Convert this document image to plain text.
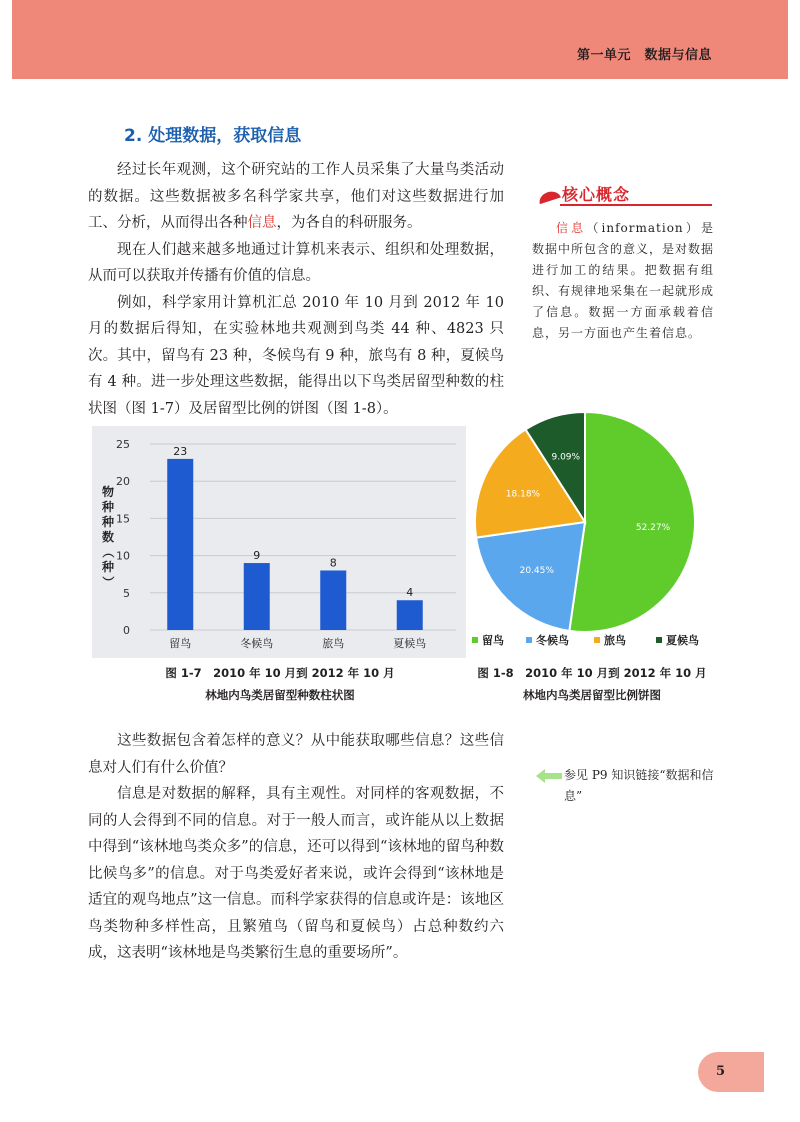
第一单元　数据与信息
2. 处理数据，获取信息

经过长年观测，这个研究站的工作人员采集了大量鸟类活动的数据。这些数据被多名科学家共享，他们对这些数据进行加工、分析，从而得出各种信息，为各自的科研服务。

现在人们越来越多地通过计算机来表示、组织和处理数据，从而可以获取并传播有价值的信息。

例如，科学家用计算机汇总 2010 年 10 月到 2012 年 10 月的数据后得知，在实验林地共观测到鸟类 44 种、4823 只次。其中，留鸟有 23 种，冬候鸟有 9 种，旅鸟有 8 种，夏候鸟有 4 种。进一步处理这些数据，能得出以下鸟类居留型种数的柱状图（图 1-7）及居留型比例的饼图（图 1-8）。

核心概念

信息（information）是数据中所包含的意义，是对数据进行加工的结果。把数据有组织、有规律地采集在一起就形成了信息。数据一方面承载着信息，另一方面也产生着信息。

0
5
10
15
20
25
23
9
8
4
留鸟	冬候鸟	旅鸟	夏候鸟
物
种
种
数
（
种
）
52.27%
20.45%
18.18%
9.09%
留鸟	冬候鸟	旅鸟	夏候鸟
图 1-7　2010 年 10 月到 2012 年 10 月
林地内鸟类居留型种数柱状图
图 1-8　2010 年 10 月到 2012 年 10 月
林地内鸟类居留型比例饼图

这些数据包含着怎样的意义？从中能获取哪些信息？这些信息对人们有什么价值？

信息是对数据的解释，具有主观性。对同样的客观数据，不同的人会得到不同的信息。对于一般人而言，或许能从以上数据中得到“该林地鸟类众多”的信息，还可以得到“该林地的留鸟种数比候鸟多”的信息。对于鸟类爱好者来说，或许会得到“该林地是适宜的观鸟地点”这一信息。而科学家获得的信息或许是：该地区鸟类物种多样性高，且繁殖鸟（留鸟和夏候鸟）占总种数约六成，这表明“该林地是鸟类繁衍生息的重要场所”。

参见 P9 知识链接“数据和信息”
5
